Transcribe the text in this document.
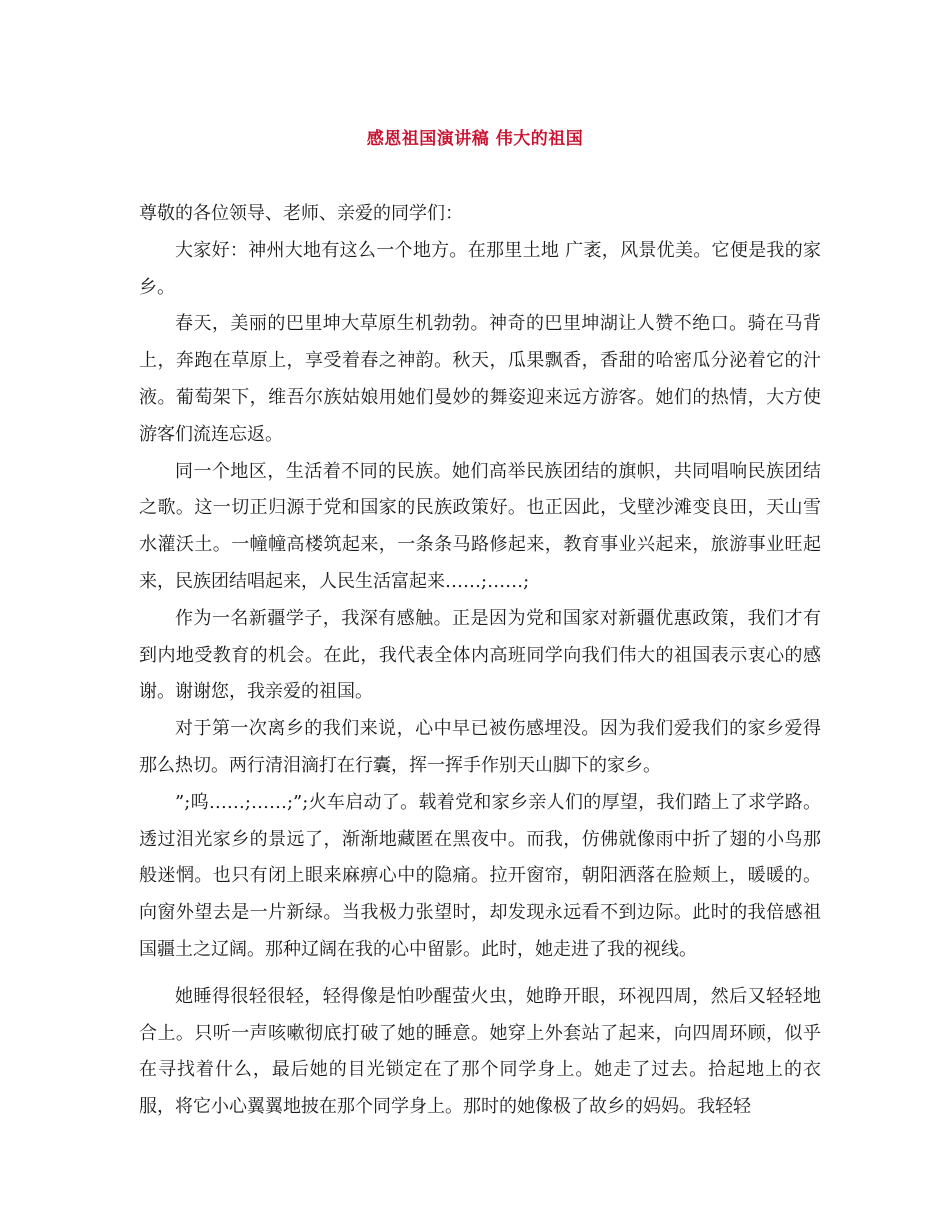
感恩祖国演讲稿 伟大的祖国

尊敬的各位领导、老师、亲爱的同学们：

大家好：神州大地有这么一个地方。在那里土地 广袤，风景优美。它便是我的家乡。

春天，美丽的巴里坤大草原生机勃勃。神奇的巴里坤湖让人赞不绝口。骑在马背上，奔跑在草原上，享受着春之神韵。秋天，瓜果飘香，香甜的哈密瓜分泌着它的汁液。葡萄架下，维吾尔族姑娘用她们曼妙的舞姿迎来远方游客。她们的热情，大方使游客们流连忘返。

同一个地区，生活着不同的民族。她们高举民族团结的旗帜，共同唱响民族团结之歌。这一切正归源于党和国家的民族政策好。也正因此，戈壁沙滩变良田，天山雪水灌沃土。一幢幢高楼筑起来，一条条马路修起来，教育事业兴起来，旅游事业旺起来，民族团结唱起来，人民生活富起来……;……;

作为一名新疆学子，我深有感触。正是因为党和国家对新疆优惠政策，我们才有到内地受教育的机会。在此，我代表全体内高班同学向我们伟大的祖国表示衷心的感谢。谢谢您，我亲爱的祖国。

对于第一次离乡的我们来说，心中早已被伤感埋没。因为我们爱我们的家乡爱得那么热切。两行清泪滴打在行囊，挥一挥手作别天山脚下的家乡。

”;呜……;……;”;火车启动了。载着党和家乡亲人们的厚望，我们踏上了求学路。透过泪光家乡的景远了，渐渐地藏匿在黑夜中。而我，仿佛就像雨中折了翅的小鸟那般迷惘。也只有闭上眼来麻痹心中的隐痛。拉开窗帘，朝阳洒落在脸颊上，暖暖的。向窗外望去是一片新绿。当我极力张望时，却发现永远看不到边际。此时的我倍感祖国疆土之辽阔。那种辽阔在我的心中留影。此时，她走进了我的视线。

她睡得很轻很轻，轻得像是怕吵醒萤火虫，她睁开眼，环视四周，然后又轻轻地合上。只听一声咳嗽彻底打破了她的睡意。她穿上外套站了起来，向四周环顾，似乎在寻找着什么，最后她的目光锁定在了那个同学身上。她走了过去。拾起地上的衣服，将它小心翼翼地披在那个同学身上。那时的她像极了故乡的妈妈。我轻轻
